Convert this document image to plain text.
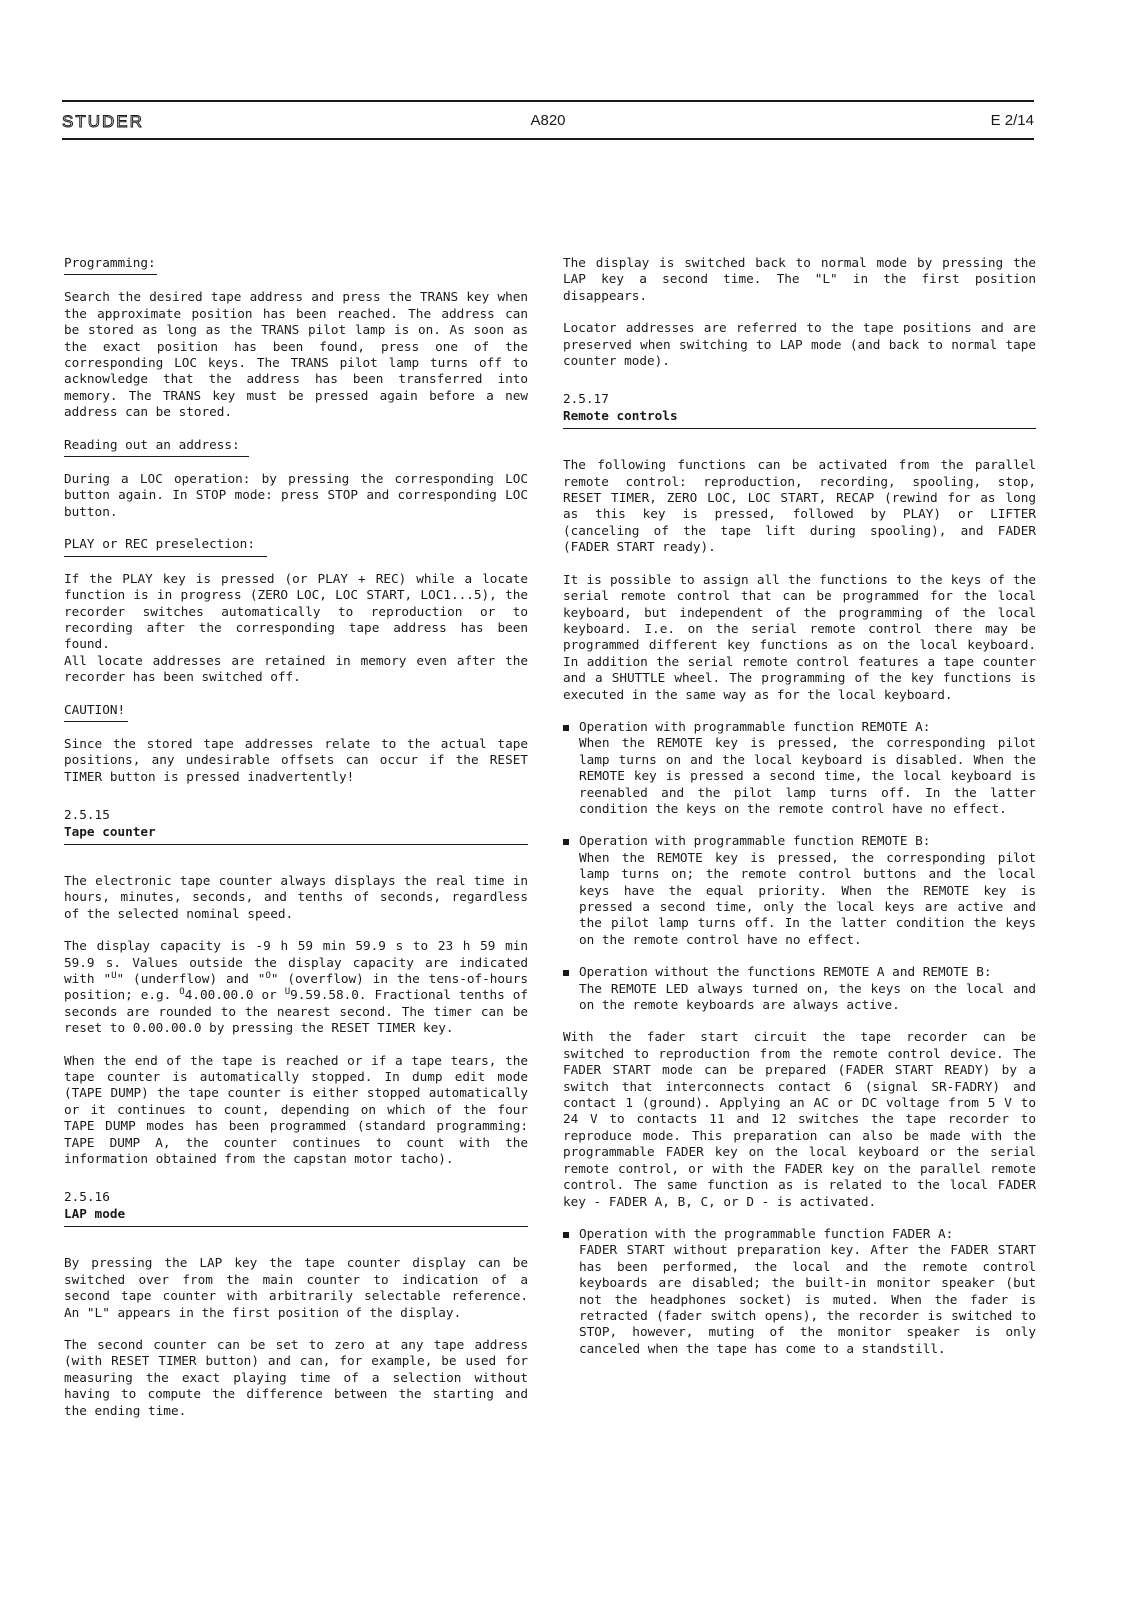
STUDER	A820	E 2/14
Programming:

Search the desired tape address and press the TRANS key when the approximate position has been reached. The address can be stored as long as the TRANS pilot lamp is on. As soon as the exact position has been found, press one of the corresponding LOC keys. The TRANS pilot lamp turns off to acknowledge that the address has been transferred into memory. The TRANS key must be pressed again before a new address can be stored.

Reading out an address:

During a LOC operation: by pressing the corresponding LOC button again. In STOP mode: press STOP and corresponding LOC button.

PLAY or REC preselection:

If the PLAY key is pressed (or PLAY + REC) while a locate function is in progress (ZERO LOC, LOC START, LOC1...5), the recorder switches automatically to reproduction or to recording after the corresponding tape address has been found.

All locate addresses are retained in memory even after the recorder has been switched off.

CAUTION!

Since the stored tape addresses relate to the actual tape positions, any undesirable offsets can occur if the RESET TIMER button is pressed inadvertently!

2.5.15
Tape counter

The electronic tape counter always displays the real time in hours, minutes, seconds, and tenths of seconds, regardless of the selected nominal speed.

The display capacity is -9 h 59 min 59.9 s to 23 h 59 min 59.9 s. Values outside the display capacity are indicated with "$^U$" (underflow) and "$^O$" (overflow) in the tens-of-hours position; e.g. $^O$4.00.00.0 or $^U$9.59.58.0. Fractional tenths of seconds are rounded to the nearest second. The timer can be reset to 0.00.00.0 by pressing the RESET TIMER key.

When the end of the tape is reached or if a tape tears, the tape counter is automatically stopped. In dump edit mode (TAPE DUMP) the tape counter is either stopped automatically or it continues to count, depending on which of the four TAPE DUMP modes has been programmed (standard programming: TAPE DUMP A, the counter continues to count with the information obtained from the capstan motor tacho).

2.5.16
LAP mode

By pressing the LAP key the tape counter display can be switched over from the main counter to indication of a second tape counter with arbitrarily selectable reference. An "L" appears in the first position of the display.

The second counter can be set to zero at any tape address (with RESET TIMER button) and can, for example, be used for measuring the exact playing time of a selection without having to compute the difference between the starting and the ending time.

The display is switched back to normal mode by pressing the LAP key a second time. The "L" in the first position disappears.

Locator addresses are referred to the tape positions and are preserved when switching to LAP mode (and back to normal tape counter mode).

2.5.17
Remote controls

The following functions can be activated from the parallel remote control: reproduction, recording, spooling, stop, RESET TIMER, ZERO LOC, LOC START, RECAP (rewind for as long as this key is pressed, followed by PLAY) or LIFTER (canceling of the tape lift during spooling), and FADER (FADER START ready).

It is possible to assign all the functions to the keys of the serial remote control that can be programmed for the local keyboard, but independent of the programming of the local keyboard. I.e. on the serial remote control there may be programmed different key functions as on the local keyboard. In addition the serial remote control features a tape counter and a SHUTTLE wheel. The programming of the key functions is executed in the same way as for the local keyboard.

Operation with programmable function REMOTE A:
When the REMOTE key is pressed, the corresponding pilot lamp turns on and the local keyboard is disabled. When the REMOTE key is pressed a second time, the local keyboard is reenabled and the pilot lamp turns off. In the latter condition the keys on the remote control have no effect.
Operation with programmable function REMOTE B:
When the REMOTE key is pressed, the corresponding pilot lamp turns on; the remote control buttons and the local keys have the equal priority. When the REMOTE key is pressed a second time, only the local keys are active and the pilot lamp turns off. In the latter condition the keys on the remote control have no effect.
Operation without the functions REMOTE A and REMOTE B:
The REMOTE LED always turned on, the keys on the local and on the remote keyboards are always active.

With the fader start circuit the tape recorder can be switched to reproduction from the remote control device. The FADER START mode can be prepared (FADER START READY) by a switch that interconnects contact 6 (signal SR-FADRY) and contact 1 (ground). Applying an AC or DC voltage from 5 V to 24 V to contacts 11 and 12 switches the tape recorder to reproduce mode. This preparation can also be made with the programmable FADER key on the local keyboard or the serial remote control, or with the FADER key on the parallel remote control. The same function as is related to the local FADER key - FADER A, B, C, or D - is activated.

Operation with the programmable function FADER A:
FADER START without preparation key. After the FADER START has been performed, the local and the remote control keyboards are disabled; the built-in monitor speaker (but not the headphones socket) is muted. When the fader is retracted (fader switch opens), the recorder is switched to STOP, however, muting of the monitor speaker is only canceled when the tape has come to a standstill.
